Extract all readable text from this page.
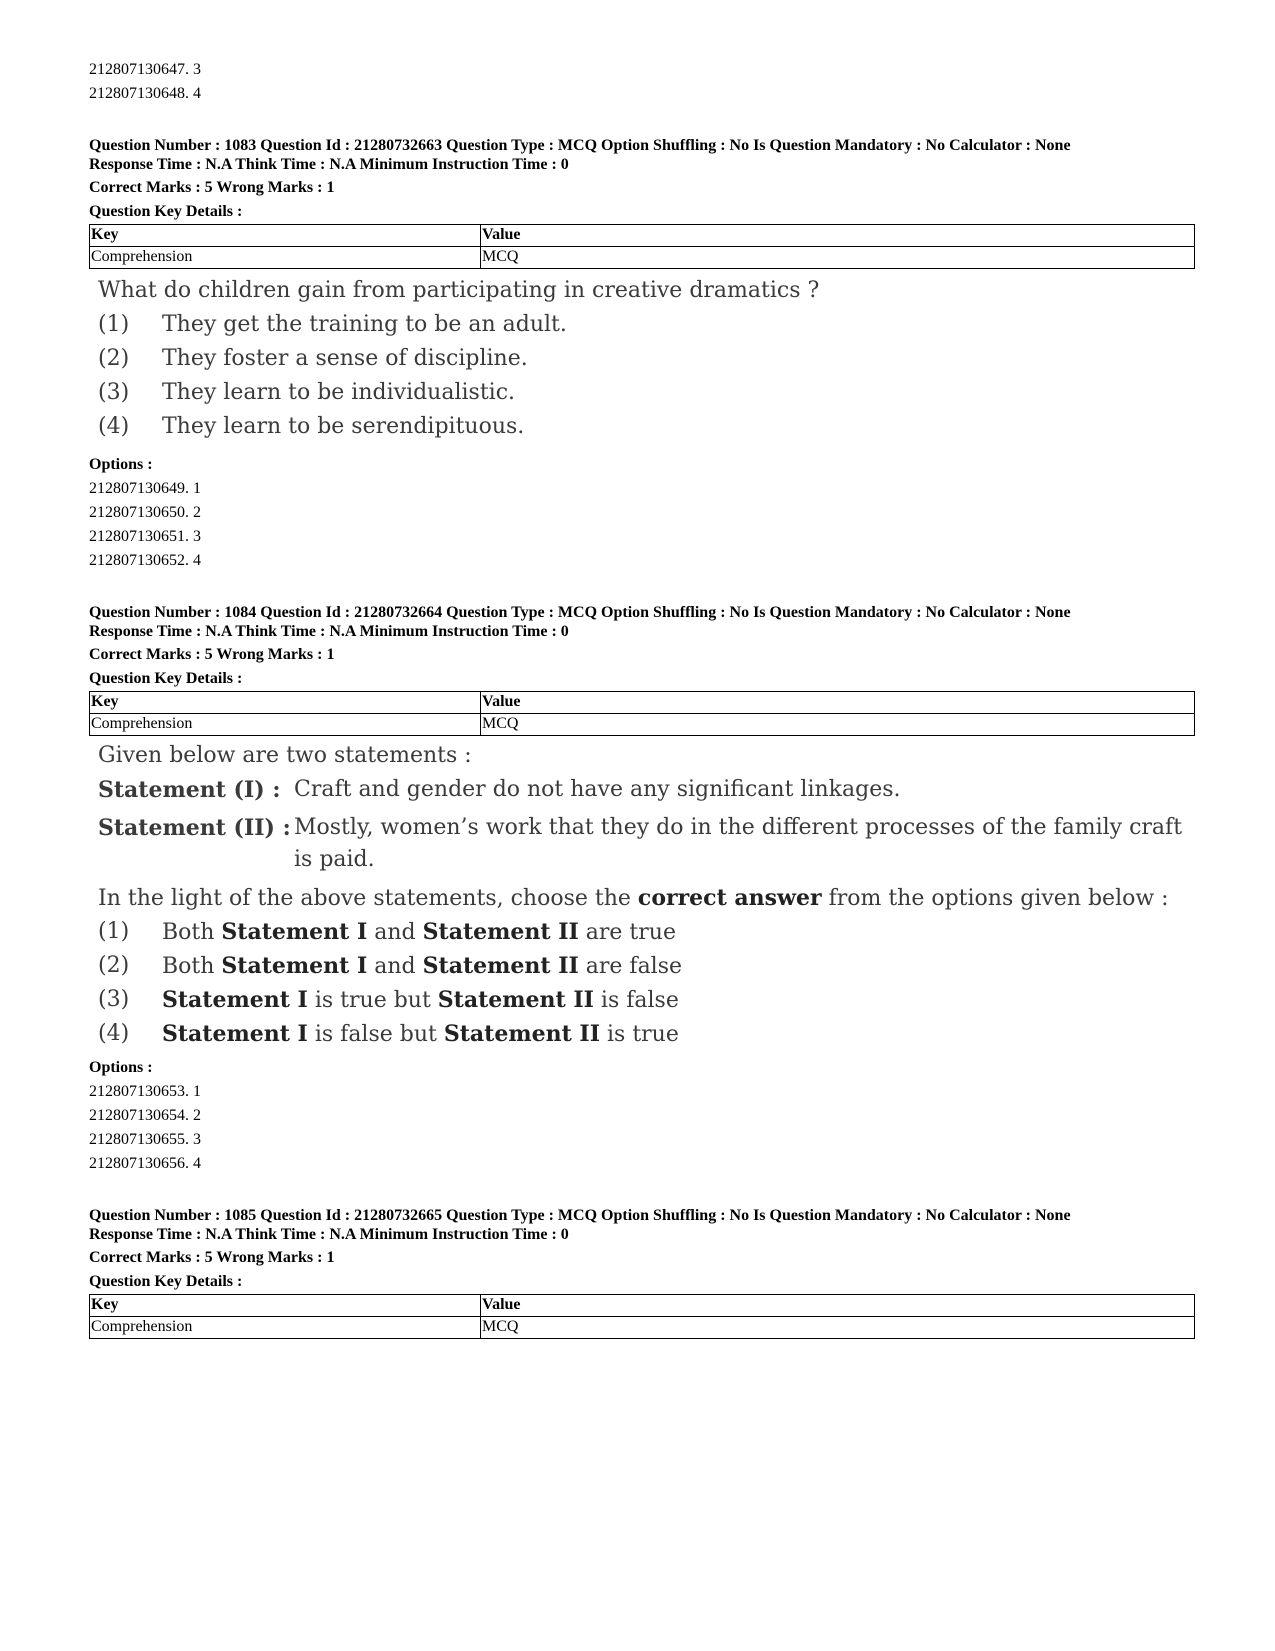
212807130647. 3
212807130648. 4
Question Number : 1083 Question Id : 21280732663 Question Type : MCQ Option Shuffling : No Is Question Mandatory : No Calculator : None
Response Time : N.A Think Time : N.A Minimum Instruction Time : 0
Correct Marks : 5 Wrong Marks : 1
Question Key Details :
Key	Value
Comprehension	MCQ
What do children gain from participating in creative dramatics ?
(1)	They get the training to be an adult.
(2)	They foster a sense of discipline.
(3)	They learn to be individualistic.
(4)	They learn to be serendipituous.
Options :
212807130649. 1
212807130650. 2
212807130651. 3
212807130652. 4
Question Number : 1084 Question Id : 21280732664 Question Type : MCQ Option Shuffling : No Is Question Mandatory : No Calculator : None
Response Time : N.A Think Time : N.A Minimum Instruction Time : 0
Correct Marks : 5 Wrong Marks : 1
Question Key Details :
Key	Value
Comprehension	MCQ
Given below are two statements :
Statement (I) : Craft and gender do not have any significant linkages.
Statement (II) : Mostly, women’s work that they do in the different processes of the family craft is paid.
In the light of the above statements, choose the correct answer from the options given below :
(1)	Both Statement I and Statement II are true
(2)	Both Statement I and Statement II are false
(3)	Statement I is true but Statement II is false
(4)	Statement I is false but Statement II is true
Options :
212807130653. 1
212807130654. 2
212807130655. 3
212807130656. 4
Question Number : 1085 Question Id : 21280732665 Question Type : MCQ Option Shuffling : No Is Question Mandatory : No Calculator : None
Response Time : N.A Think Time : N.A Minimum Instruction Time : 0
Correct Marks : 5 Wrong Marks : 1
Question Key Details :
Key	Value
Comprehension	MCQ
